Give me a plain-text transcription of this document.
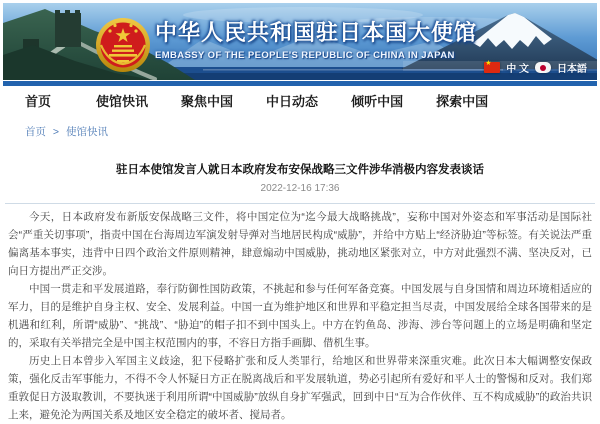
中华人民共和国驻日本国大使馆
EMBASSY OF THE PEOPLE'S REPUBLIC OF CHINA IN JAPAN
★
中 文	日本語
首页	使馆快讯	聚焦中国	中日动态	倾听中国	探索中国
首页 > 使馆快讯
驻日本使馆发言人就日本政府发布安保战略三文件涉华消极内容发表谈话
2022-12-16 17:36

今天，日本政府发布新版安保战略三文件，将中国定位为“迄今最大战略挑战”，妄称中国对外姿态和军事活动是国际社会“严重关切事项”，指责中国在台海周边军演发射导弹对当地居民构成“威胁”，并给中方贴上“经济胁迫”等标签。有关说法严重偏离基本事实，违背中日四个政治文件原则精神，肆意煽动中国威胁，挑动地区紧张对立，中方对此强烈不满、坚决反对，已向日方提出严正交涉。

中国一贯走和平发展道路，奉行防御性国防政策，不挑起和参与任何军备竞赛。中国发展与自身国情和周边环境相适应的军力，目的是维护自身主权、安全、发展利益。中国一直为维护地区和世界和平稳定担当尽责，中国发展给全球各国带来的是机遇和红利，所谓“威胁”、“挑战”、“胁迫”的帽子扣不到中国头上。中方在钓鱼岛、涉海、涉台等问题上的立场是明确和坚定的，采取有关举措完全是中国主权范围内的事，不容日方指手画脚、借机生事。

历史上日本曾步入军国主义歧途，犯下侵略扩张和反人类罪行，给地区和世界带来深重灾难。此次日本大幅调整安保政策，强化反击军事能力，不得不令人怀疑日方正在脱离战后和平发展轨道，势必引起所有爱好和平人士的警惕和反对。我们郑重敦促日方汲取教训，不要执迷于利用所谓“中国威胁”放纵自身扩军强武，回到中日“互为合作伙伴、互不构成威胁”的政治共识上来，避免沦为两国关系及地区安全稳定的破坏者、搅局者。
